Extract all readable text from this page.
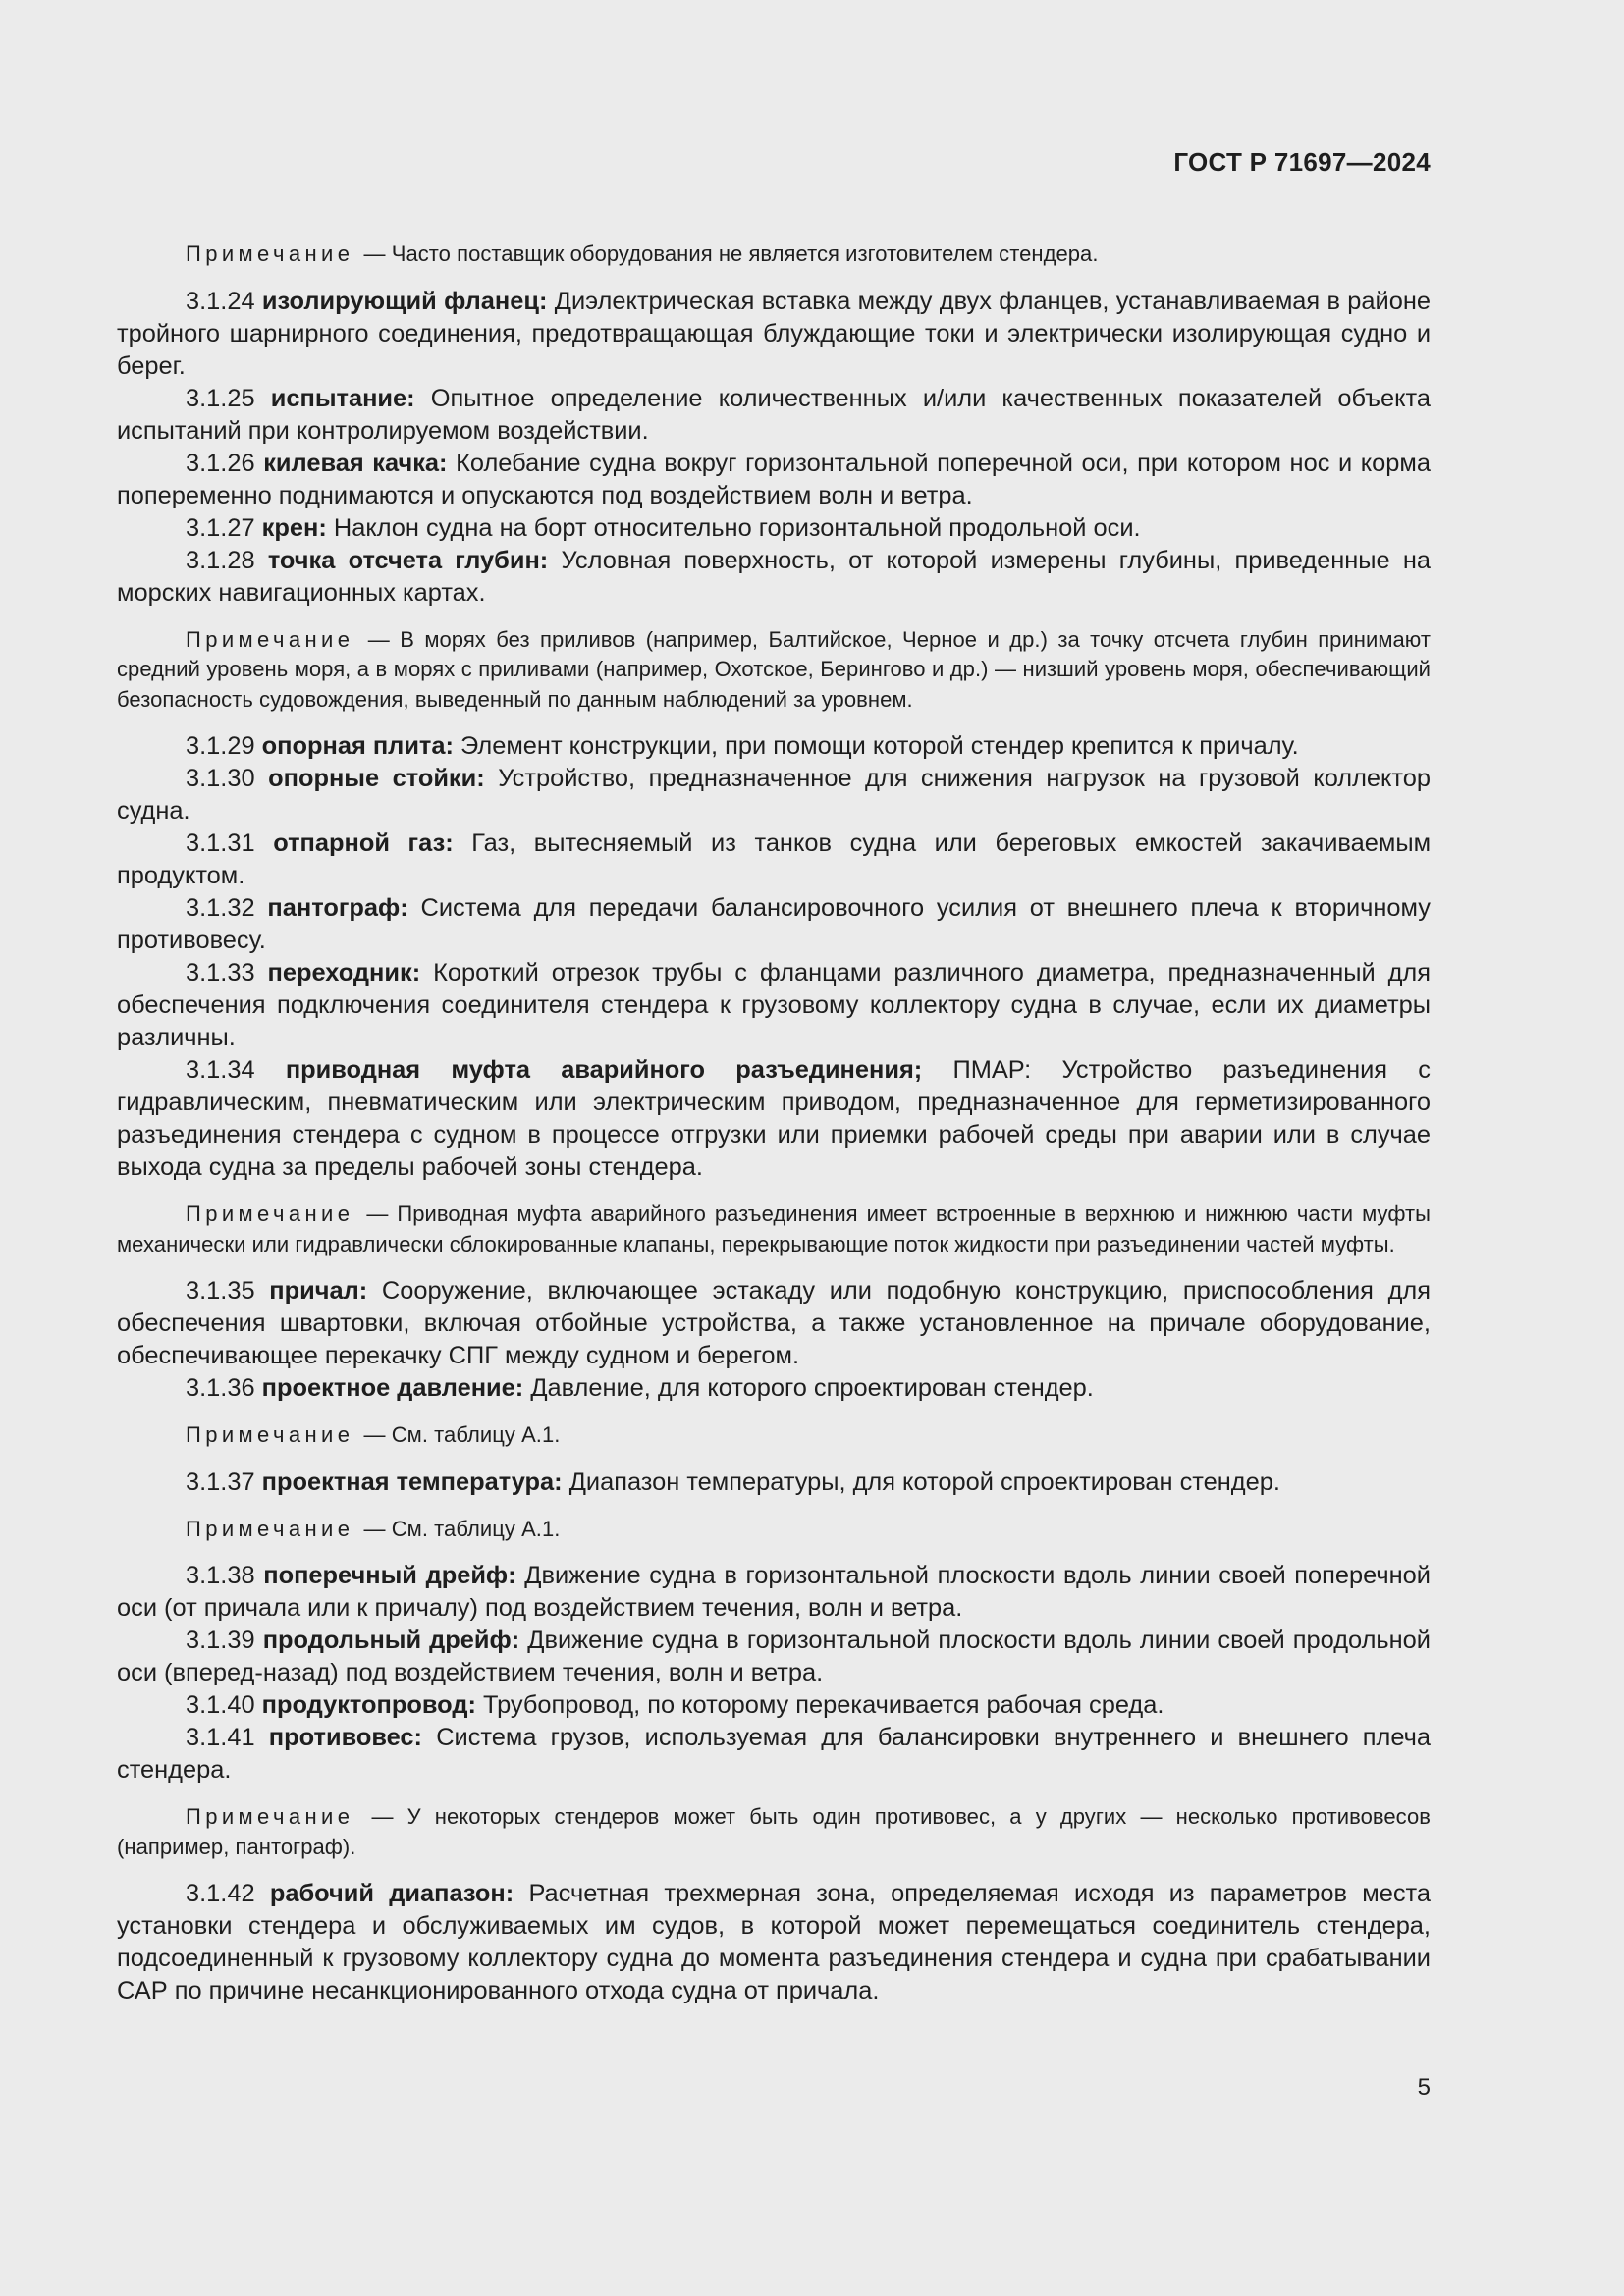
ГОСТ Р 71697—2024

Примечание — Часто поставщик оборудования не является изготовителем стендера.

3.1.24 изолирующий фланец: Диэлектрическая вставка между двух фланцев, устанавливаемая в районе тройного шарнирного соединения, предотвращающая блуждающие токи и электрически изолирующая судно и берег.

3.1.25 испытание: Опытное определение количественных и/или качественных показателей объекта испытаний при контролируемом воздействии.

3.1.26 килевая качка: Колебание судна вокруг горизонтальной поперечной оси, при котором нос и корма попеременно поднимаются и опускаются под воздействием волн и ветра.

3.1.27 крен: Наклон судна на борт относительно горизонтальной продольной оси.

3.1.28 точка отсчета глубин: Условная поверхность, от которой измерены глубины, приведенные на морских навигационных картах.

Примечание — В морях без приливов (например, Балтийское, Черное и др.) за точку отсчета глубин принимают средний уровень моря, а в морях с приливами (например, Охотское, Берингово и др.) — низший уровень моря, обеспечивающий безопасность судовождения, выведенный по данным наблюдений за уровнем.

3.1.29 опорная плита: Элемент конструкции, при помощи которой стендер крепится к причалу.

3.1.30 опорные стойки: Устройство, предназначенное для снижения нагрузок на грузовой коллектор судна.

3.1.31 отпарной газ: Газ, вытесняемый из танков судна или береговых емкостей закачиваемым продуктом.

3.1.32 пантограф: Система для передачи балансировочного усилия от внешнего плеча к вторичному противовесу.

3.1.33 переходник: Короткий отрезок трубы с фланцами различного диаметра, предназначенный для обеспечения подключения соединителя стендера к грузовому коллектору судна в случае, если их диаметры различны.

3.1.34 приводная муфта аварийного разъединения; ПМАР: Устройство разъединения с гидравлическим, пневматическим или электрическим приводом, предназначенное для герметизированного разъединения стендера с судном в процессе отгрузки или приемки рабочей среды при аварии или в случае выхода судна за пределы рабочей зоны стендера.

Примечание — Приводная муфта аварийного разъединения имеет встроенные в верхнюю и нижнюю части муфты механически или гидравлически сблокированные клапаны, перекрывающие поток жидкости при разъединении частей муфты.

3.1.35 причал: Сооружение, включающее эстакаду или подобную конструкцию, приспособления для обеспечения швартовки, включая отбойные устройства, а также установленное на причале оборудование, обеспечивающее перекачку СПГ между судном и берегом.

3.1.36 проектное давление: Давление, для которого спроектирован стендер.

Примечание — См. таблицу А.1.

3.1.37 проектная температура: Диапазон температуры, для которой спроектирован стендер.

Примечание — См. таблицу А.1.

3.1.38 поперечный дрейф: Движение судна в горизонтальной плоскости вдоль линии своей поперечной оси (от причала или к причалу) под воздействием течения, волн и ветра.

3.1.39 продольный дрейф: Движение судна в горизонтальной плоскости вдоль линии своей продольной оси (вперед-назад) под воздействием течения, волн и ветра.

3.1.40 продуктопровод: Трубопровод, по которому перекачивается рабочая среда.

3.1.41 противовес: Система грузов, используемая для балансировки внутреннего и внешнего плеча стендера.

Примечание — У некоторых стендеров может быть один противовес, а у других — несколько противовесов (например, пантограф).

3.1.42 рабочий диапазон: Расчетная трехмерная зона, определяемая исходя из параметров места установки стендера и обслуживаемых им судов, в которой может перемещаться соединитель стендера, подсоединенный к грузовому коллектору судна до момента разъединения стендера и судна при срабатывании САР по причине несанкционированного отхода судна от причала.

5
